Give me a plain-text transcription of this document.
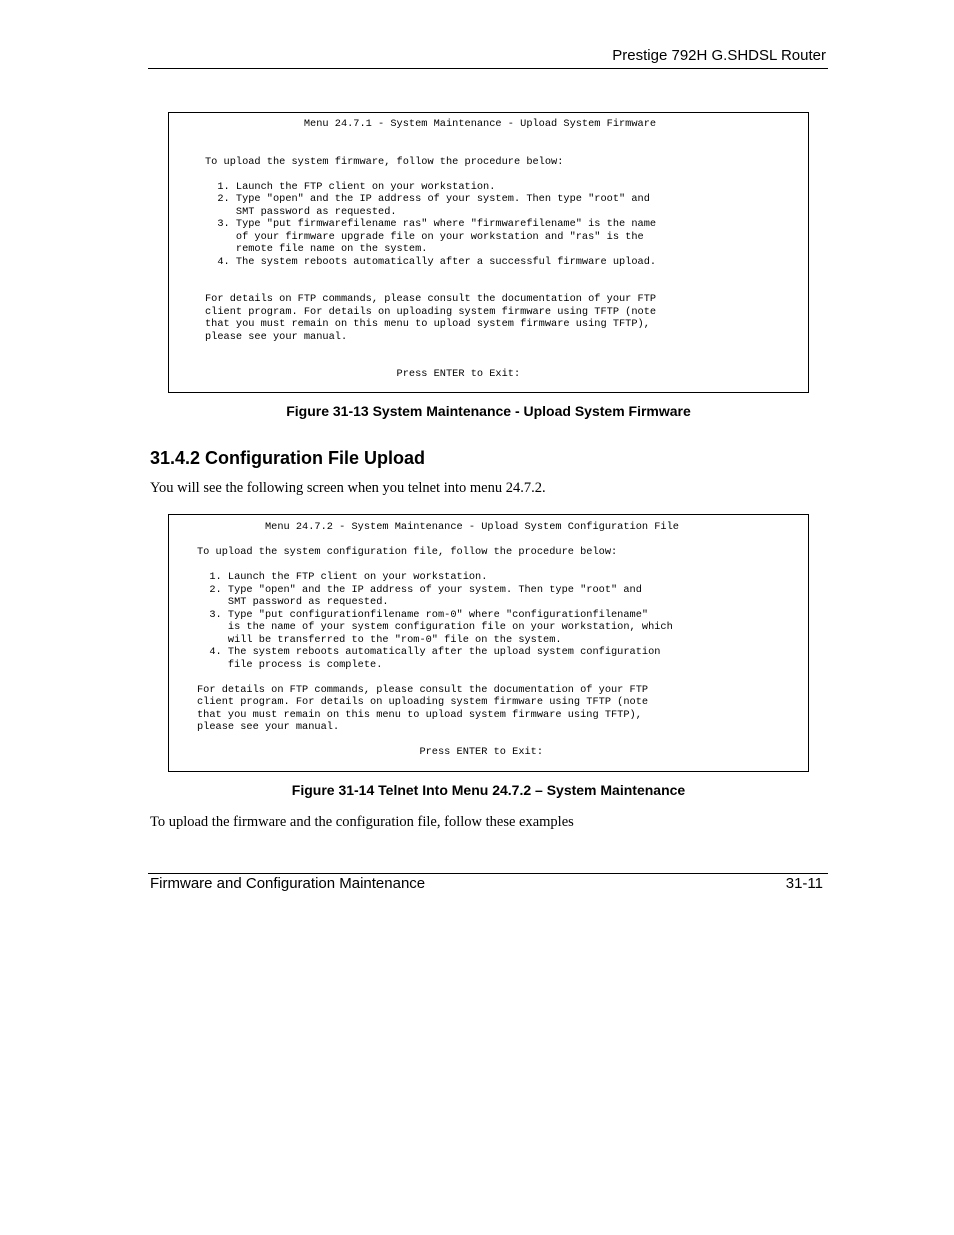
Prestige 792H G.SHDSL Router
Menu 24.7.1 - System Maintenance - Upload System Firmware

To upload the system firmware, follow the procedure below:

1. Launch the FTP client on your workstation.
2. Type "open" and the IP address of your system. Then type "root" and
SMT password as requested.
3. Type "put firmwarefilename ras" where "firmwarefilename" is the name
of your firmware upgrade file on your workstation and "ras" is the
remote file name on the system.
4. The system reboots automatically after a successful firmware upload.

For details on FTP commands, please consult the documentation of your FTP
client program. For details on uploading system firmware using TFTP (note
that you must remain on this menu to upload system firmware using TFTP),
please see your manual.

Press ENTER to Exit:
Figure 31-13 System Maintenance - Upload System Firmware
31.4.2 Configuration File Upload

You will see the following screen when you telnet into menu 24.7.2.

Menu 24.7.2 - System Maintenance - Upload System Configuration File

To upload the system configuration file, follow the procedure below:

1. Launch the FTP client on your workstation.
2. Type "open" and the IP address of your system. Then type "root" and
SMT password as requested.
3. Type "put configurationfilename rom-0" where "configurationfilename"
is the name of your system configuration file on your workstation, which
will be transferred to the "rom-0" file on the system.
4. The system reboots automatically after the upload system configuration
file process is complete.

For details on FTP commands, please consult the documentation of your FTP
client program. For details on uploading system firmware using TFTP (note
that you must remain on this menu to upload system firmware using TFTP),
please see your manual.

Press ENTER to Exit:
Figure 31-14 Telnet Into Menu 24.7.2 – System Maintenance

To upload the firmware and the configuration file, follow these examples

Firmware and Configuration Maintenance	31-11
